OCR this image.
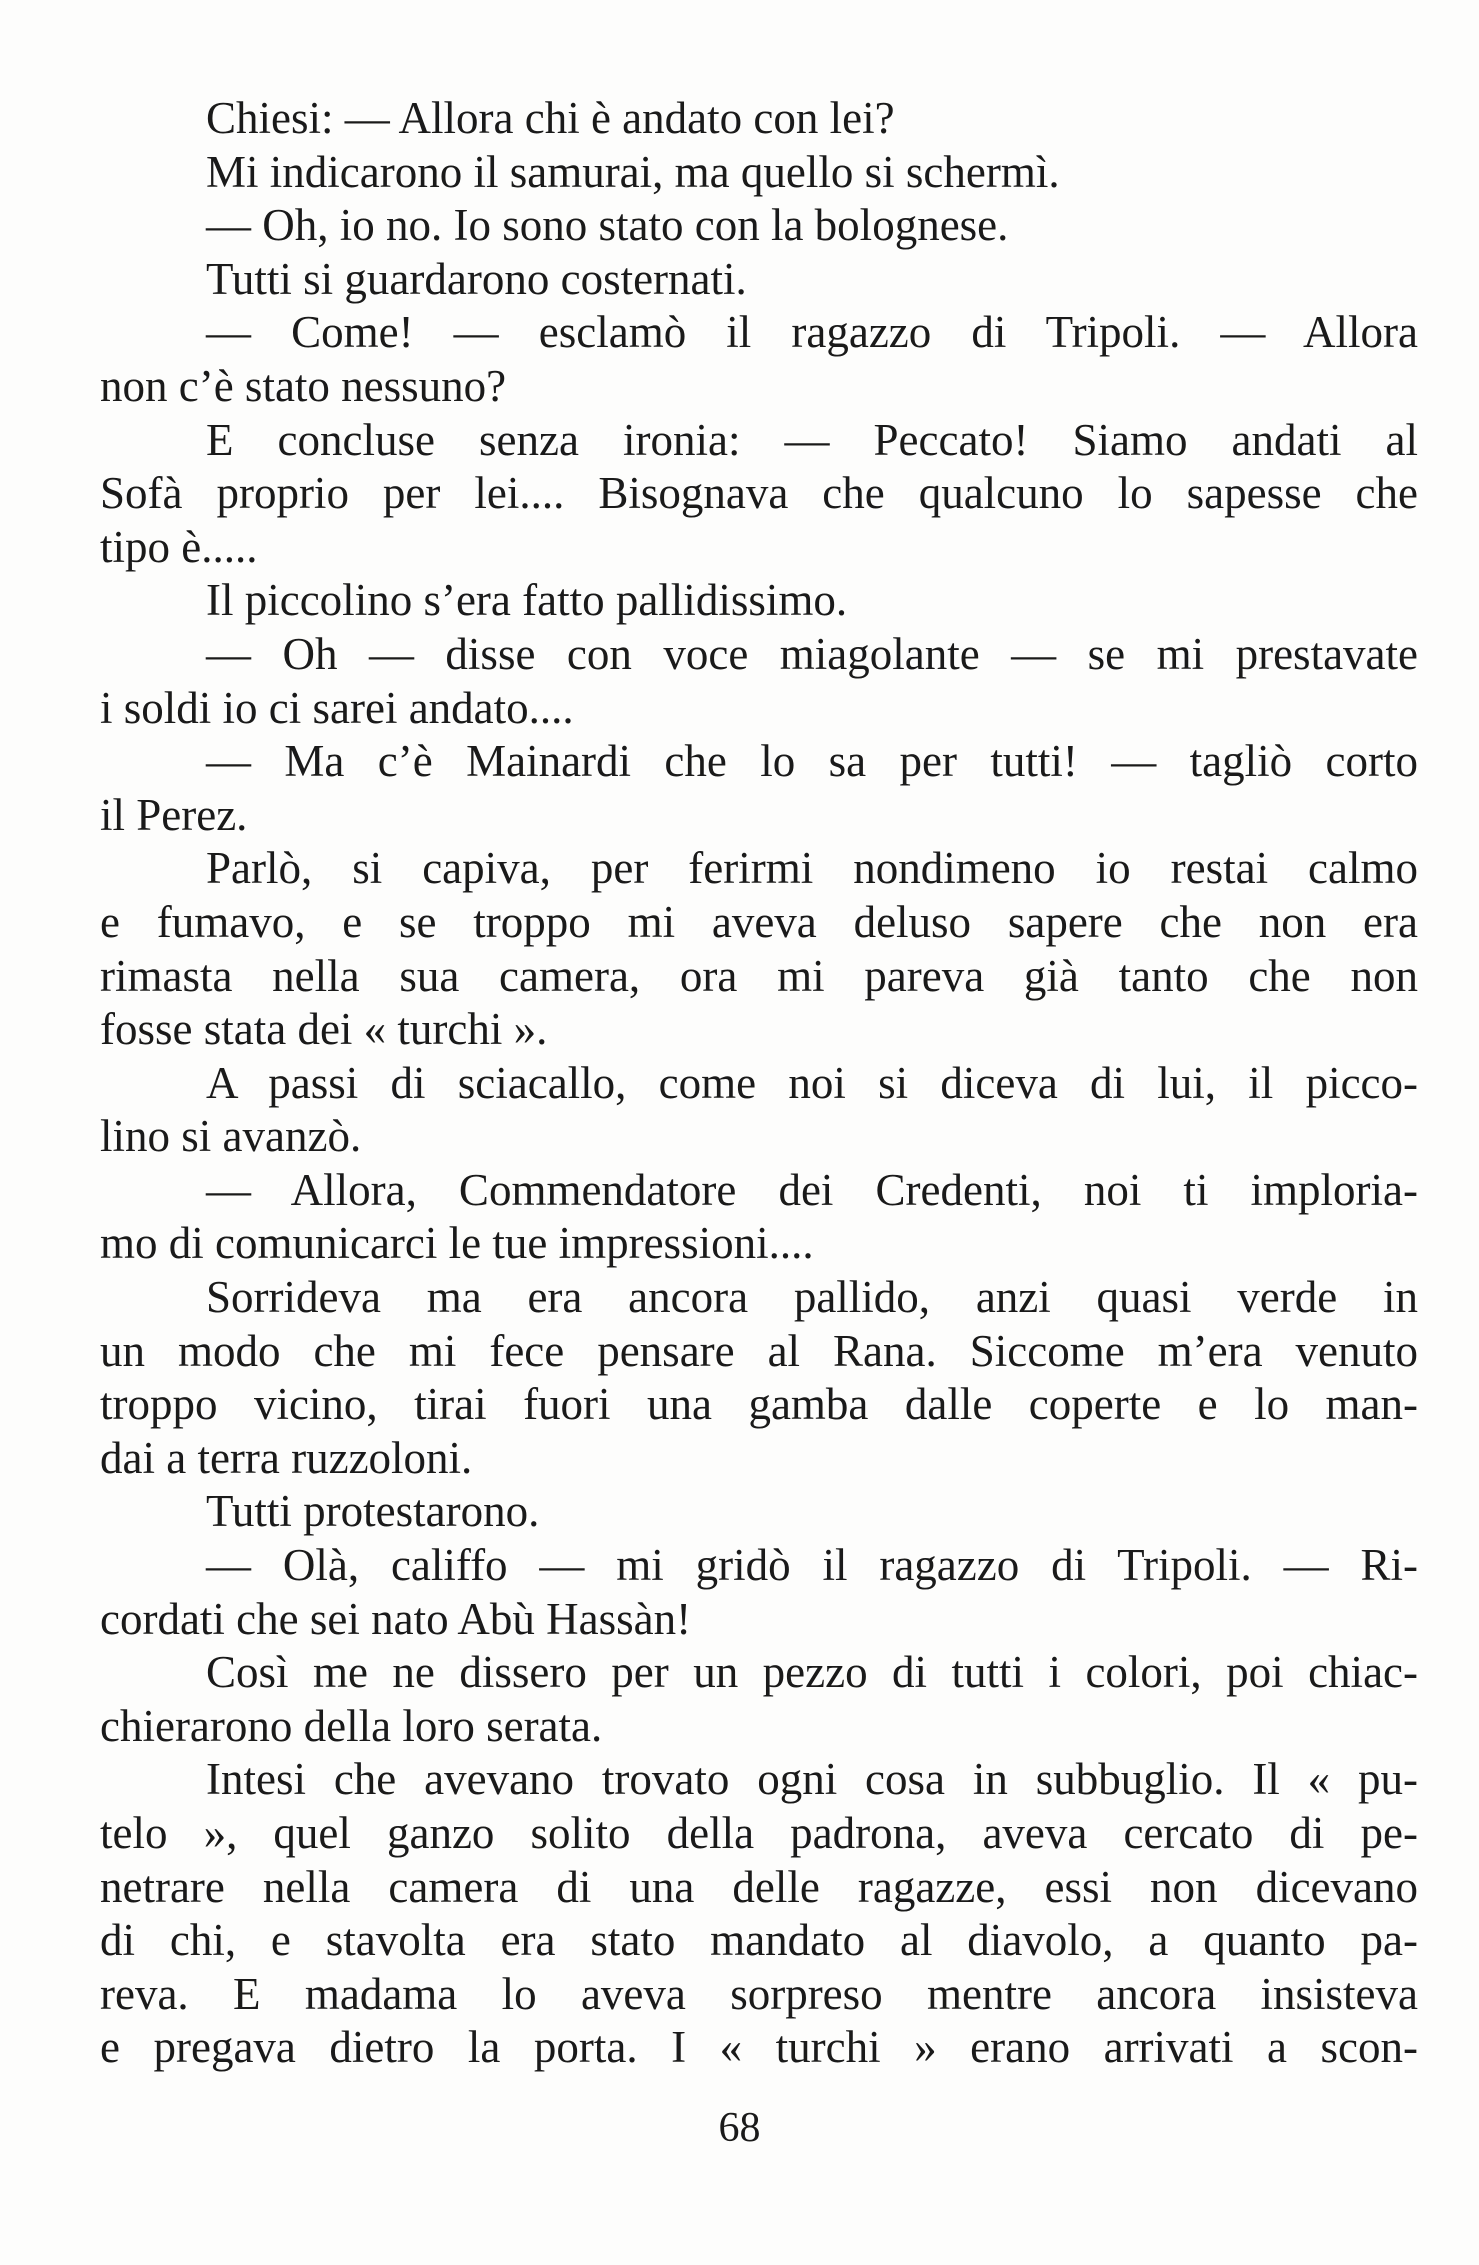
Chiesi: — Allora chi è andato con lei?
Mi indicarono il samurai, ma quello si schermì.
— Oh, io no. Io sono stato con la bolognese.
Tutti si guardarono costernati.
— Come! — esclamò il ragazzo di Tripoli. — Allora
non c’è stato nessuno?
E concluse senza ironia: — Peccato! Siamo andati al
Sofà proprio per lei.... Bisognava che qualcuno lo sapesse che
tipo è.....
Il piccolino s’era fatto pallidissimo.
— Oh — disse con voce miagolante — se mi prestavate
i soldi io ci sarei andato....
— Ma c’è Mainardi che lo sa per tutti! — tagliò corto
il Perez.
Parlò, si capiva, per ferirmi nondimeno io restai calmo
e fumavo, e se troppo mi aveva deluso sapere che non era
rimasta nella sua camera, ora mi pareva già tanto che non
fosse stata dei « turchi ».
A passi di sciacallo, come noi si diceva di lui, il picco-
lino si avanzò.
— Allora, Commendatore dei Credenti, noi ti imploria-
mo di comunicarci le tue impressioni....
Sorrideva ma era ancora pallido, anzi quasi verde in
un modo che mi fece pensare al Rana. Siccome m’era venuto
troppo vicino, tirai fuori una gamba dalle coperte e lo man-
dai a terra ruzzoloni.
Tutti protestarono.
— Olà, califfo — mi gridò il ragazzo di Tripoli. — Ri-
cordati che sei nato Abù Hassàn!
Così me ne dissero per un pezzo di tutti i colori, poi chiac-
chierarono della loro serata.
Intesi che avevano trovato ogni cosa in subbuglio. Il « pu-
telo », quel ganzo solito della padrona, aveva cercato di pe-
netrare nella camera di una delle ragazze, essi non dicevano
di chi, e stavolta era stato mandato al diavolo, a quanto pa-
reva. E madama lo aveva sorpreso mentre ancora insisteva
e pregava dietro la porta. I « turchi » erano arrivati a scon-
68
